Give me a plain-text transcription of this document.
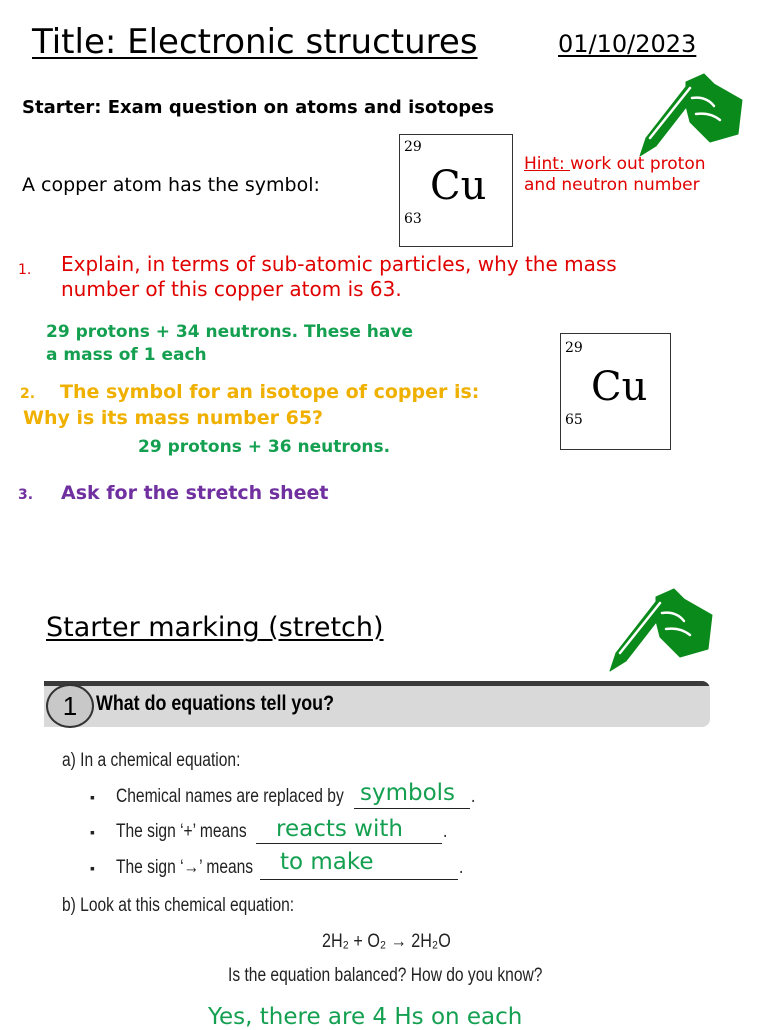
Title: Electronic structures	01/10/2023
Starter: Exam question on atoms and isotopes
A copper atom has the symbol:
29
Cu
63
Hint: work out proton
and neutron number
1.	Explain, in terms of sub-atomic particles, why the mass number of this copper atom is 63.
29 protons + 34 neutrons. These have
a mass of 1 each	29
Cu
65
2. The symbol for an isotope of copper is:
Why is its mass number 65?
29 protons + 36 neutrons.
3. Ask for the stretch sheet
Starter marking (stretch)
1 What do equations tell you?
a) In a chemical equation:
▪ Chemical names are replaced by	.
symbols
▪ The sign ‘+’ means	.
reacts with
▪ The sign ‘→’ means	.
to make
b) Look at this chemical equation:
2H₂ + O₂ → 2H₂O
Is the equation balanced? How do you know?
Yes, there are 4 Hs on each
